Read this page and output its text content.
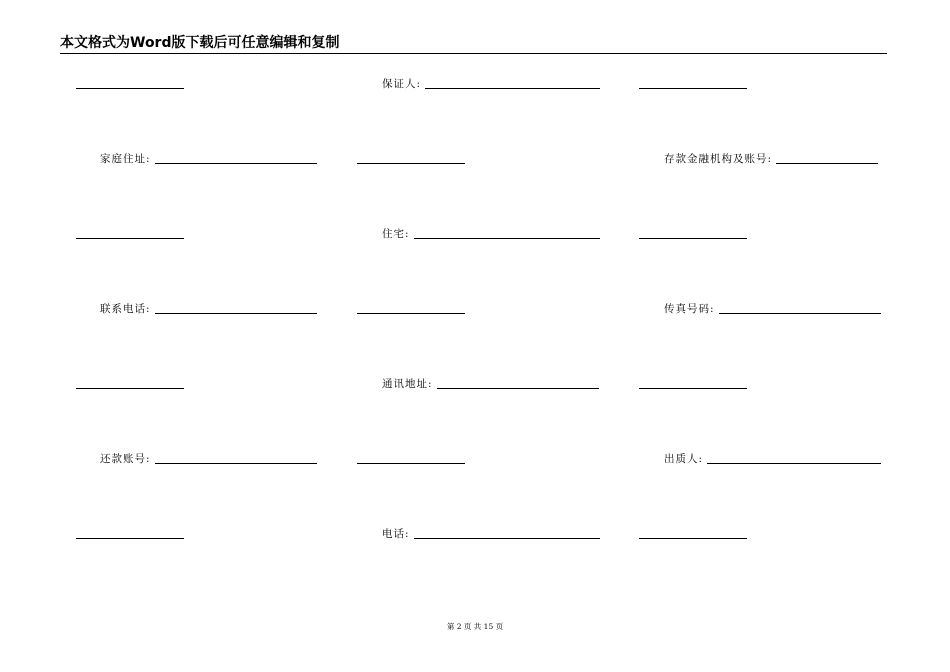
本文格式为Word版下载后可任意编辑和复制
保证人:
家庭住址:	存款金融机构及账号:
住宅:
联系电话:	传真号码:
通讯地址:
还款账号:	出质人:
电话:
第 2 页 共 15 页
